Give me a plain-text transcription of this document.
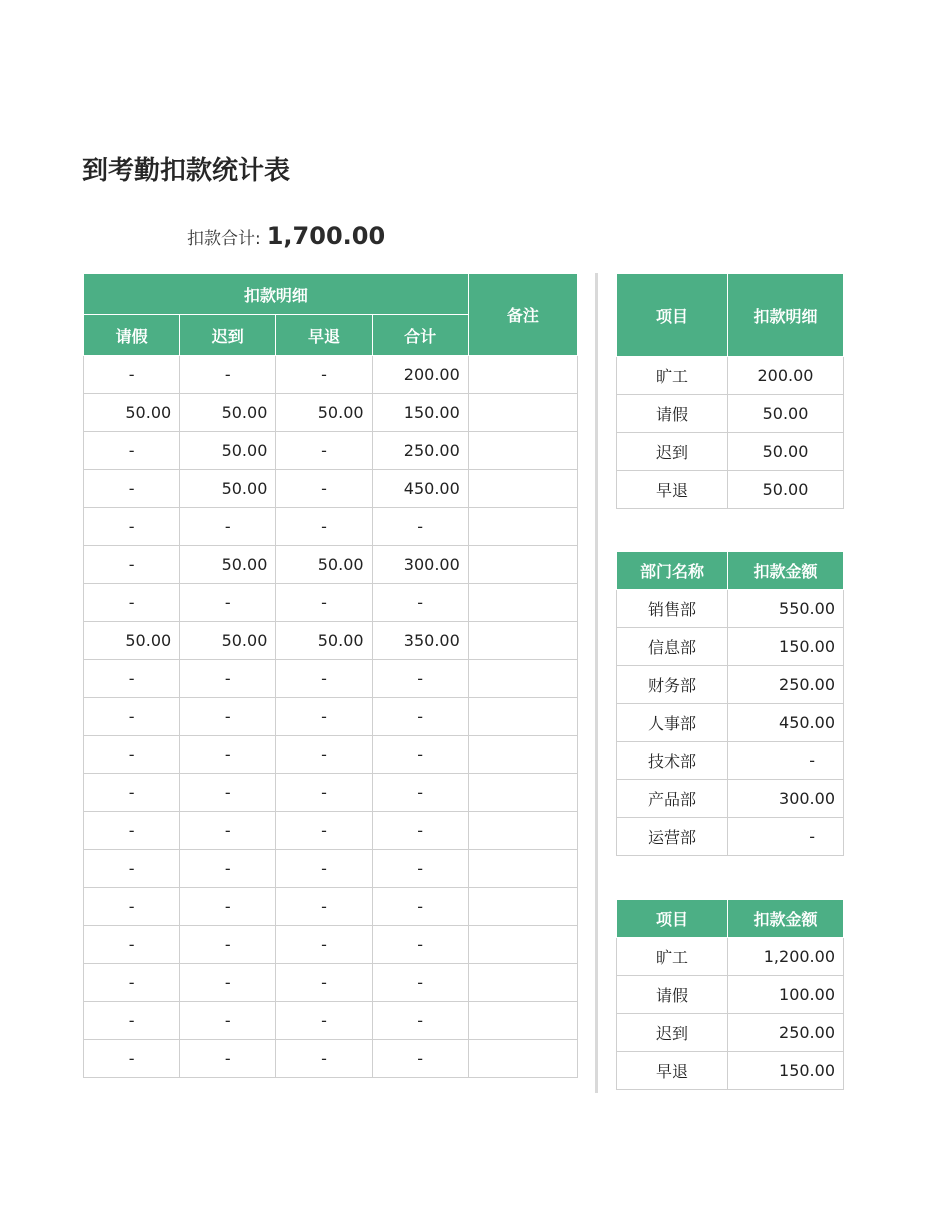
到考勤扣款统计表
扣款合计: 1,700.00
扣款明细				备注
请假	迟到	早退	合计	
-	-	-	200.00	
50.00	50.00	50.00	150.00	
-	50.00	-	250.00	
-	50.00	-	450.00	
-	-	-	-	
-	50.00	50.00	300.00	
-	-	-	-	
50.00	50.00	50.00	350.00	
-	-	-	-	
-	-	-	-	
-	-	-	-	
-	-	-	-	
-	-	-	-	
-	-	-	-	
-	-	-	-	
-	-	-	-	
-	-	-	-	
-	-	-	-	
-	-	-	-	
项目	扣款明细
旷工	200.00
请假	50.00
迟到	50.00
早退	50.00
部门名称	扣款金额
销售部	550.00
信息部	150.00
财务部	250.00
人事部	450.00
技术部	-
产品部	300.00
运营部	-
项目	扣款金额
旷工	1,200.00
请假	100.00
迟到	250.00
早退	150.00
